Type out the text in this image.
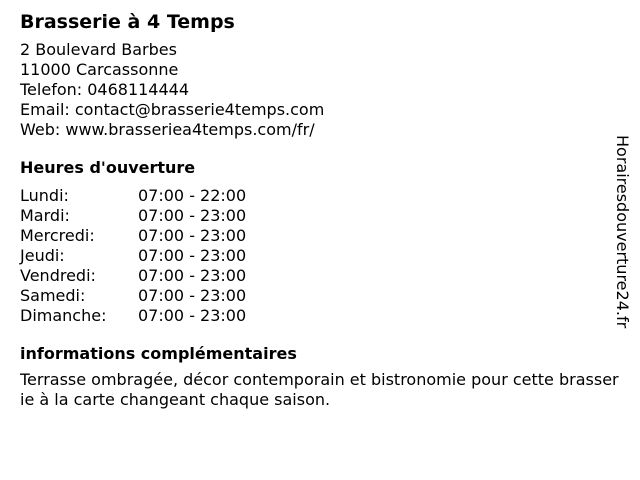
Brasserie à 4 Temps
2 Boulevard Barbes
11000 Carcassonne
Telefon: 0468114444
Email: contact@brasserie4temps.com
Web: www.brasseriea4temps.com/fr/
Heures d'ouverture
Lundi:	07:00 - 22:00
Mardi:	07:00 - 23:00
Mercredi:	07:00 - 23:00
Jeudi:	07:00 - 23:00
Vendredi:	07:00 - 23:00
Samedi:	07:00 - 23:00
Dimanche:	07:00 - 23:00
informations complémentaires
Terrasse ombragée, décor contemporain et bistronomie pour cette brasserie à la carte changeant chaque saison.
Horairesdouverture24.fr
